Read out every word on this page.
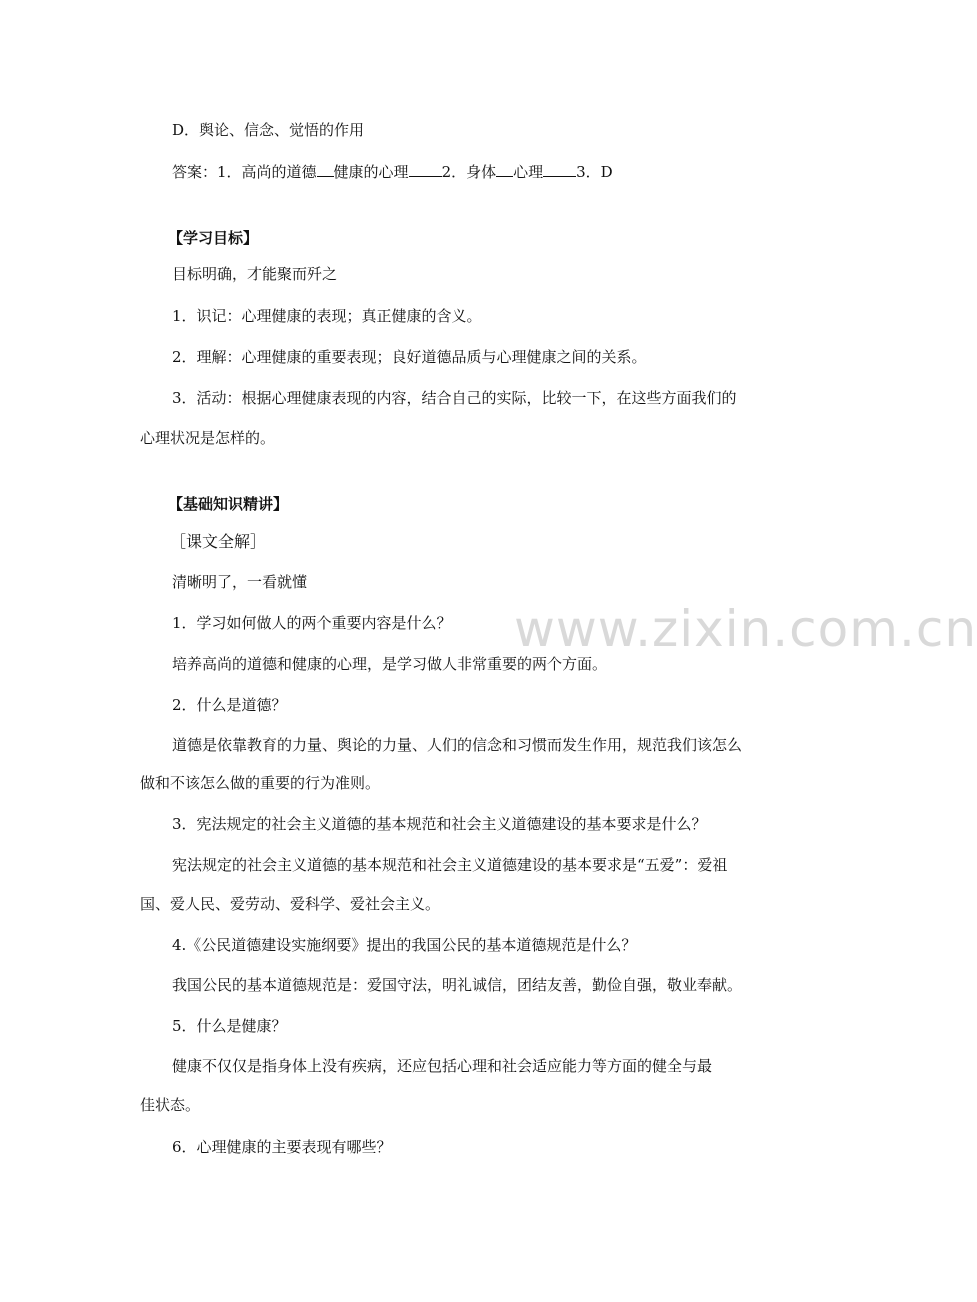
D．舆论、信念、觉悟的作用
答案：1．高尚的道德 健康的心理 2．身体 心理 3．D
【学习目标】
目标明确，才能聚而歼之
1．识记：心理健康的表现；真正健康的含义。
2．理解：心理健康的重要表现；良好道德品质与心理健康之间的关系。
3．活动：根据心理健康表现的内容，结合自己的实际，比较一下，在这些方面我们的
心理状况是怎样的。
【基础知识精讲】
［课文全解］
清晰明了，一看就懂
1．学习如何做人的两个重要内容是什么？
培养高尚的道德和健康的心理，是学习做人非常重要的两个方面。
2．什么是道德？
道德是依靠教育的力量、舆论的力量、人们的信念和习惯而发生作用，规范我们该怎么
做和不该怎么做的重要的行为准则。
3．宪法规定的社会主义道德的基本规范和社会主义道德建设的基本要求是什么？
宪法规定的社会主义道德的基本规范和社会主义道德建设的基本要求是“五爱”：爱祖
国、爱人民、爱劳动、爱科学、爱社会主义。
4.《公民道德建设实施纲要》提出的我国公民的基本道德规范是什么？
我国公民的基本道德规范是：爱国守法，明礼诚信，团结友善，勤俭自强，敬业奉献。
5．什么是健康？
健康不仅仅是指身体上没有疾病，还应包括心理和社会适应能力等方面的健全与最
佳状态。
6．心理健康的主要表现有哪些？
www.zixin.com.cn
